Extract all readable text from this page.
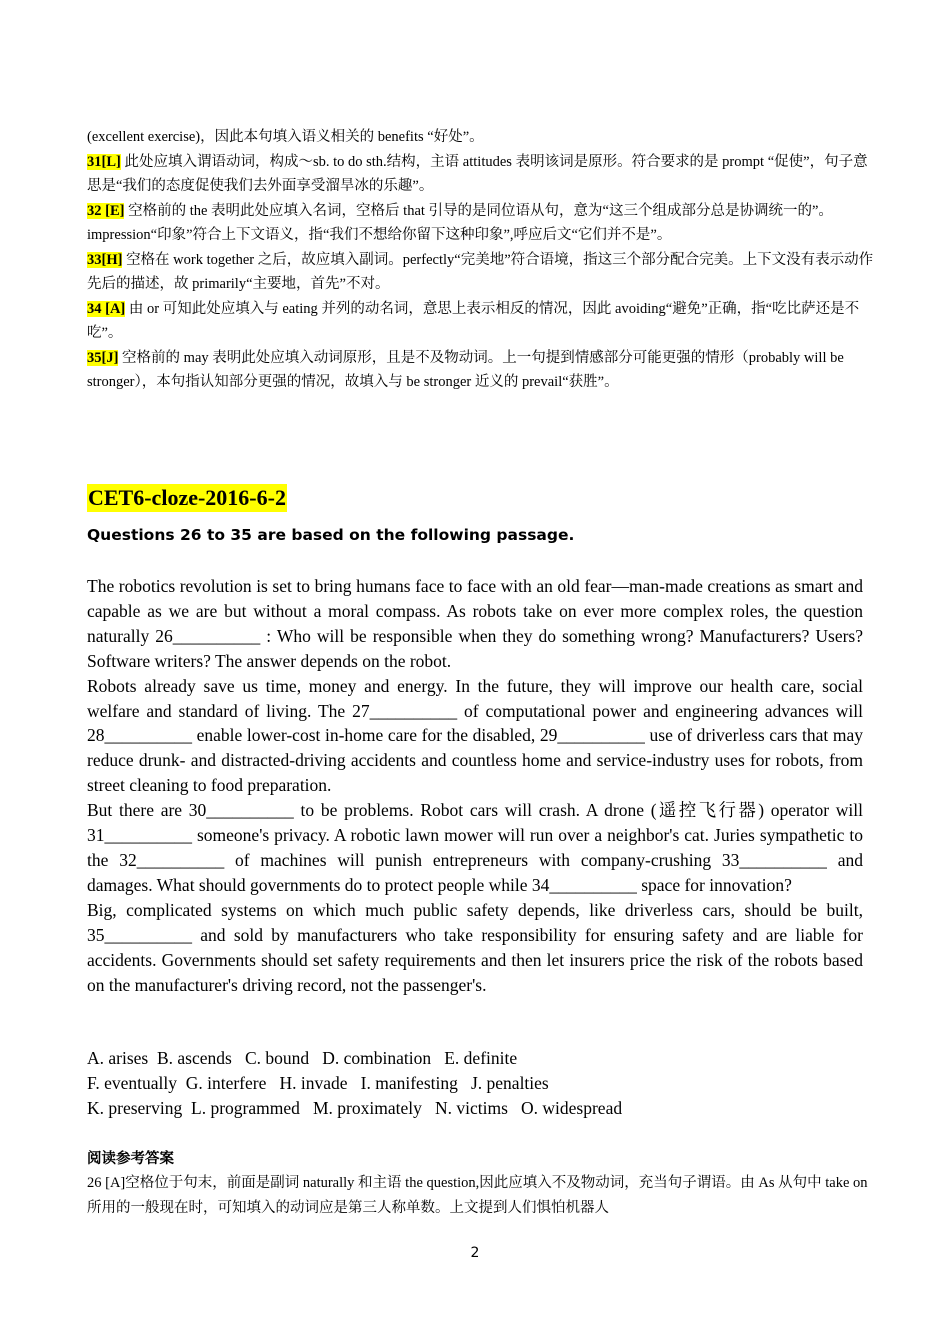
(excellent exercise)，因此本句填入语义相关的 benefits “好处”。
31[L] 此处应填入谓语动词，构成～sb. to do sth.结构，主语 attitudes 表明该词是原形。符合要求的是 prompt “促使”，句子意思是“我们的态度促使我们去外面享受溜旱冰的乐趣”。
32 [E] 空格前的 the 表明此处应填入名词，空格后 that 引导的是同位语从句，意为“这三个组成部分总是协调统一的”。impression“印象”符合上下文语义，指“我们不想给你留下这种印象”,呼应后文“它们并不是”。
33[H] 空格在 work together 之后，故应填入副词。perfectly“完美地”符合语境，指这三个部分配合完美。上下文没有表示动作先后的描述，故 primarily“主要地，首先”不对。
34 [A] 由 or 可知此处应填入与 eating 并列的动名词，意思上表示相反的情况，因此 avoiding“避免”正确，指“吃比萨还是不吃”。
35[J] 空格前的 may 表明此处应填入动词原形，且是不及物动词。上一句提到情感部分可能更强的情形（probably will be stronger），本句指认知部分更强的情况，故填入与 be stronger 近义的 prevail“获胜”。
CET6-cloze-2016-6-2
Questions 26 to 35 are based on the following passage.

The robotics revolution is set to bring humans face to face with an old fear—man-made creations as smart and capable as we are but without a moral compass. As robots take on ever more complex roles, the question naturally 26__________ : Who will be responsible when they do something wrong? Manufacturers? Users? Software writers? The answer depends on the robot.

Robots already save us time, money and energy. In the future, they will improve our health care, social welfare and standard of living. The 27__________ of computational power and engineering advances will 28__________ enable lower-cost in-home care for the disabled, 29__________ use of driverless cars that may reduce drunk- and distracted-driving accidents and countless home and service-industry uses for robots, from street cleaning to food preparation.

But there are 30__________ to be problems. Robot cars will crash. A drone (遥控飞行器) operator will 31__________ someone's privacy. A robotic lawn mower will run over a neighbor's cat. Juries sympathetic to the 32__________ of machines will punish entrepreneurs with company-crushing 33__________ and damages. What should governments do to protect people while 34__________ space for innovation?

Big, complicated systems on which much public safety depends, like driverless cars, should be built, 35__________ and sold by manufacturers who take responsibility for ensuring safety and are liable for accidents. Governments should set safety requirements and then let insurers price the risk of the robots based on the manufacturer's driving record, not the passenger's.

A. arises  B. ascends   C. bound   D. combination   E. definite
F. eventually  G. interfere   H. invade   I. manifesting   J. penalties
K. preserving  L. programmed   M. proximately   N. victims   O. widespread
阅读参考答案
26 [A]空格位于句末，前面是副词 naturally 和主语 the question,因此应填入不及物动词，充当句子谓语。由 As 从句中 take on 所用的一般现在时，可知填入的动词应是第三人称单数。上文提到人们惧怕机器人
2
